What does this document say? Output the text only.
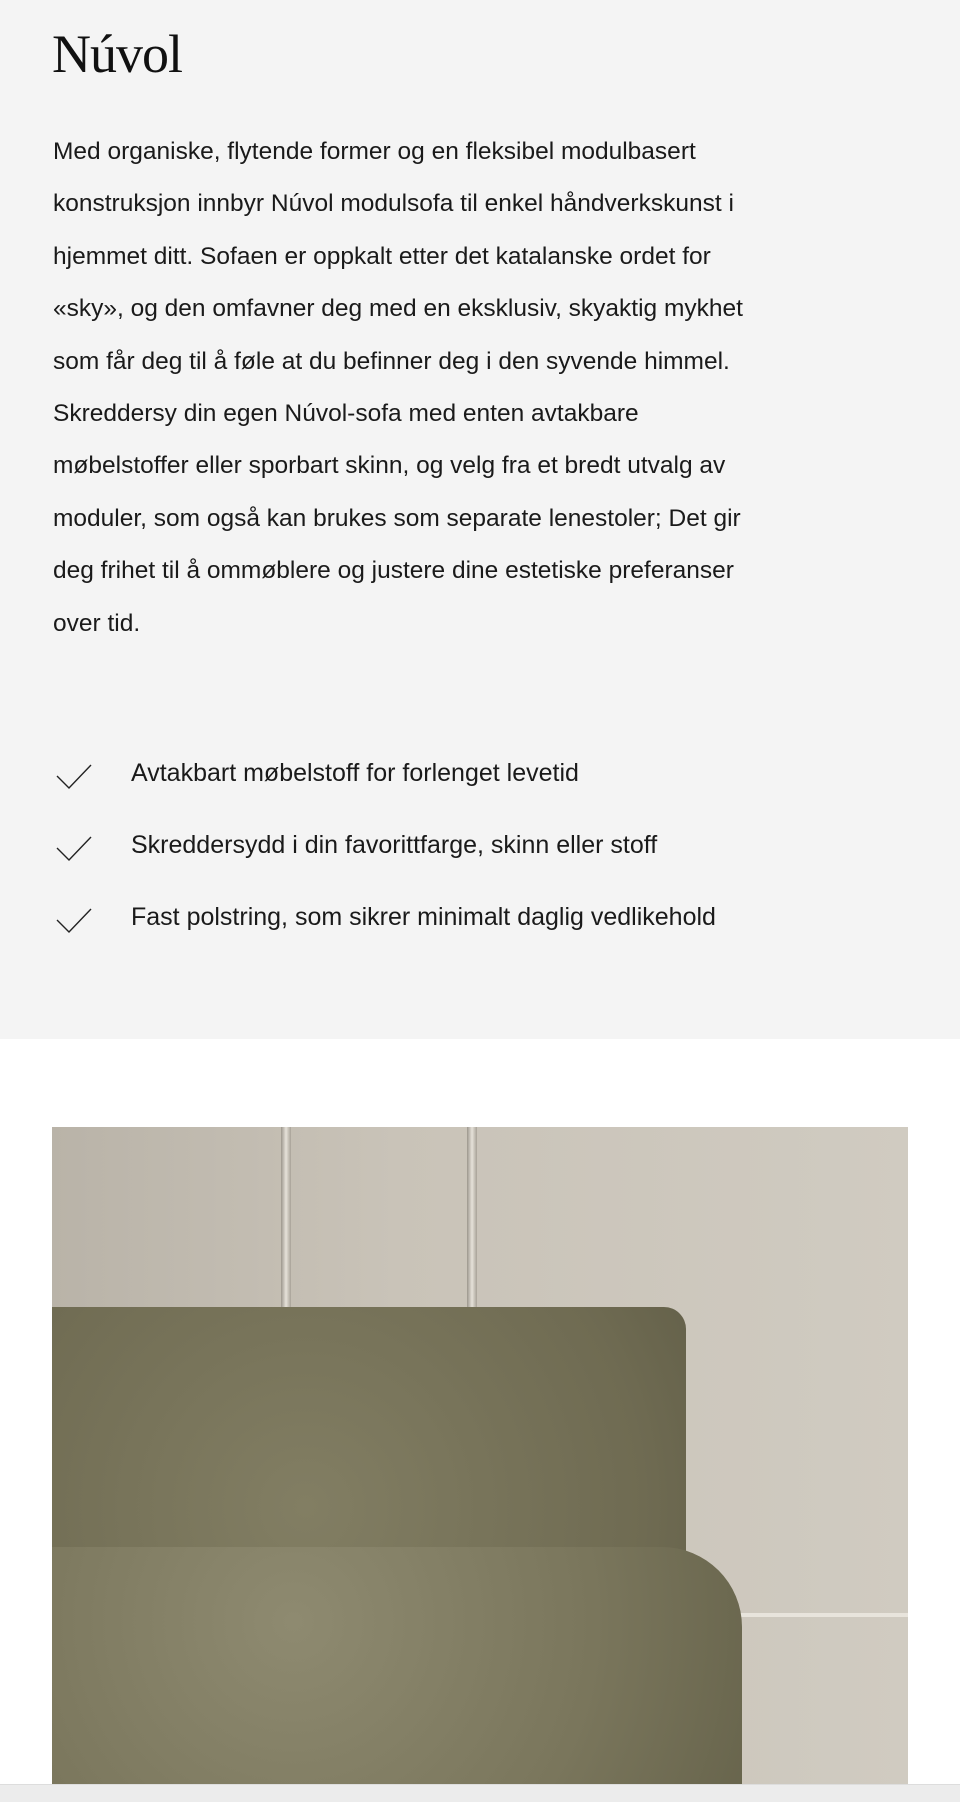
Núvol
Med organiske, flytende former og en fleksibel modulbasert
konstruksjon innbyr Núvol modulsofa til enkel håndverkskunst i
hjemmet ditt. Sofaen er oppkalt etter det katalanske ordet for
«sky», og den omfavner deg med en eksklusiv, skyaktig mykhet
som får deg til å føle at du befinner deg i den syvende himmel.
Skreddersy din egen Núvol-sofa med enten avtakbare
møbelstoffer eller sporbart skinn, og velg fra et bredt utvalg av
moduler, som også kan brukes som separate lenestoler; Det gir
deg frihet til å ommøblere og justere dine estetiske preferanser
over tid.
Avtakbart møbelstoff for forlenget levetid
Skreddersydd i din favorittfarge, skinn eller stoff
Fast polstring, som sikrer minimalt daglig vedlikehold
